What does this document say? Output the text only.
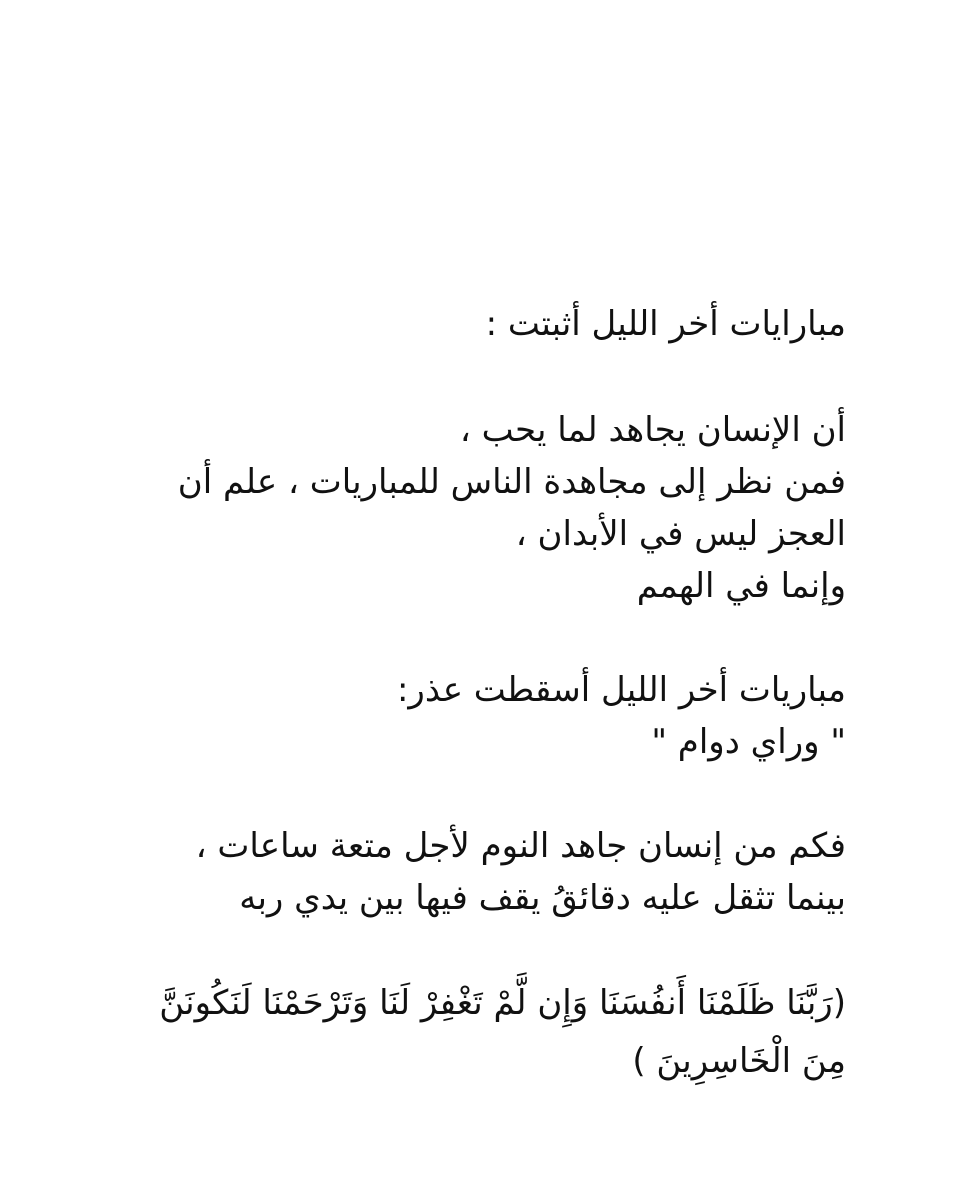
مبارايات أخر الليل أثبتت :

أن الإنسان يجاهد لما يحب ،
فمن نظر إلى مجاهدة الناس للمباريات ، علم أن
العجز ليس في الأبدان ،
وإنما في الهمم

مباريات أخر الليل أسقطت عذر:
" وراي دوام "

فكم من إنسان جاهد النوم لأجل متعة ساعات ،
بينما تثقل عليه دقائقُ يقف فيها بين يدي ربه

(رَبَّنَا ظَلَمْنَا أَنفُسَنَا وَإِن لَّمْ تَغْفِرْ لَنَا وَتَرْحَمْنَا لَنَكُونَنَّ
مِنَ الْخَاسِرِينَ )
